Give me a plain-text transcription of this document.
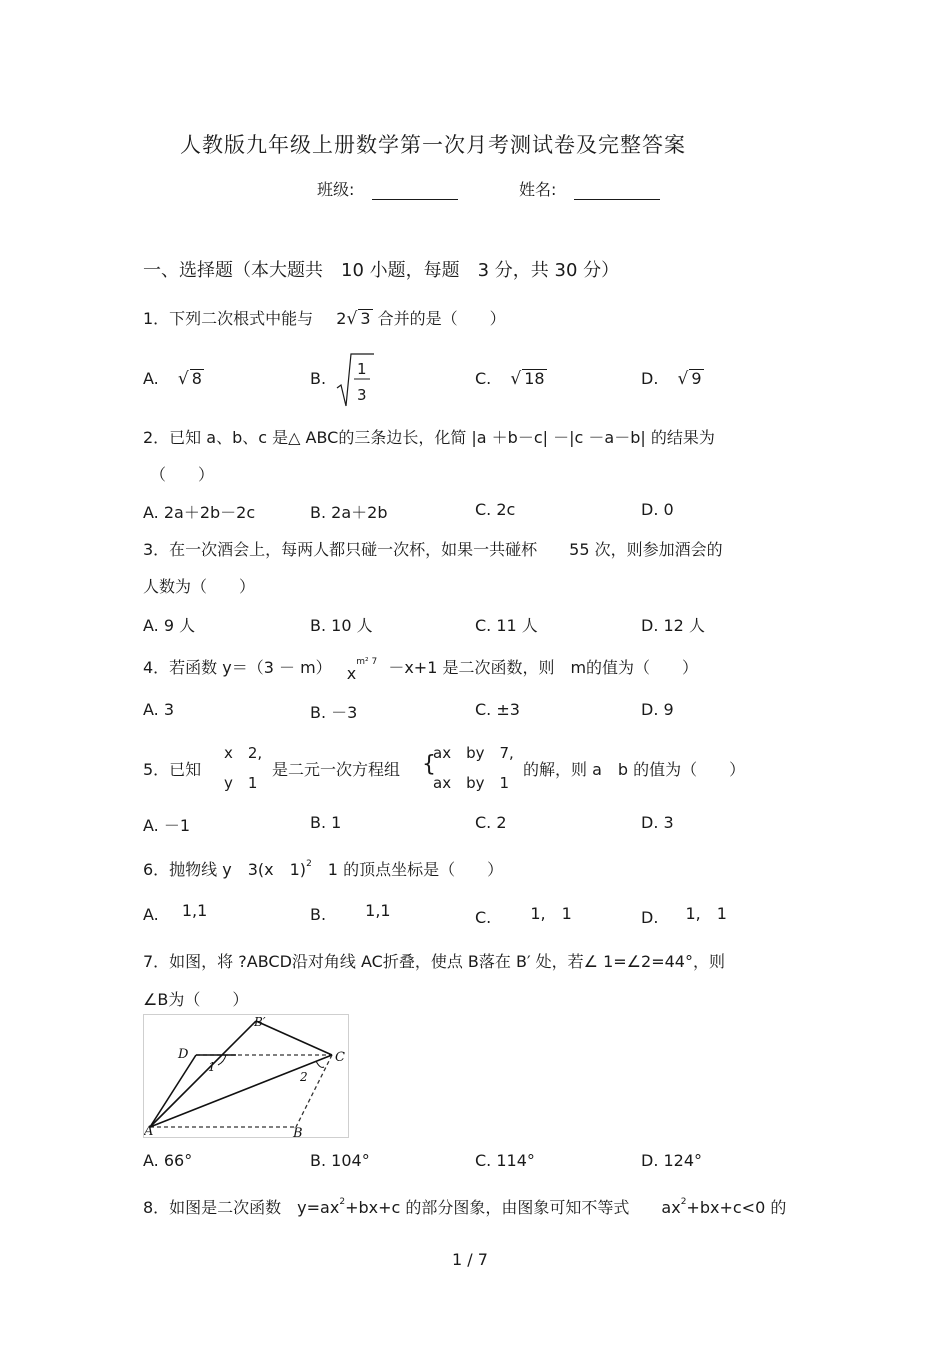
人教版九年级上册数学第一次月考测试卷及完整答案
班级:	姓名:
一、选择题（本大题共　10 小题，每题　3 分，共 30 分）
1．下列二次根式中能与 2√ 3 合并的是（　　）
A. √ 8	B. 1
3
C. √ 18	D. √ 9
2．已知 a、b、c 是△ ABC的三条边长，化简 |a ＋b－c| －|c －a－b| 的结果为
（　　）
A. 2a＋2b－2c	B. 2a＋2b	C. 2c	D. 0
3．在一次酒会上，每两人都只碰一次杯，如果一共碰杯　　55 次，则参加酒会的
人数为（　　）
A. 9 人	B. 10 人	C. 11 人	D. 12 人
4．若函数 y＝（3 － m） $x^{m^2 7} -x+1$ 是二次函数，则　m的值为（　　）
A. 3	B. －3	C. ±3	D. 9
5．已知
x　2,
y　1
是二元一次方程组 {
ax　by　7,
ax　by　1
的解，则 a　b 的值为（　　）
A. －1	B. 1	C. 2	D. 3
6．抛物线 y　3(x　1)$^2$　1 的顶点坐标是（　　）
A. 1,1	B. 1,1	C. 1,　1	D. 1,　1
7．如图，将 ?ABCD沿对角线 AC折叠，使点 B落在 B′ 处，若∠ 1=∠2=44°，则
∠B为（　　）
A	B
C
D
B′
1
2
A. 66°	B. 104°	C. 114°	D. 124°
8．如图是二次函数　$y=ax^2+bx+c$ 的部分图象，由图象可知不等式　　$ax^2+bx+c<0$ 的
1 / 7
